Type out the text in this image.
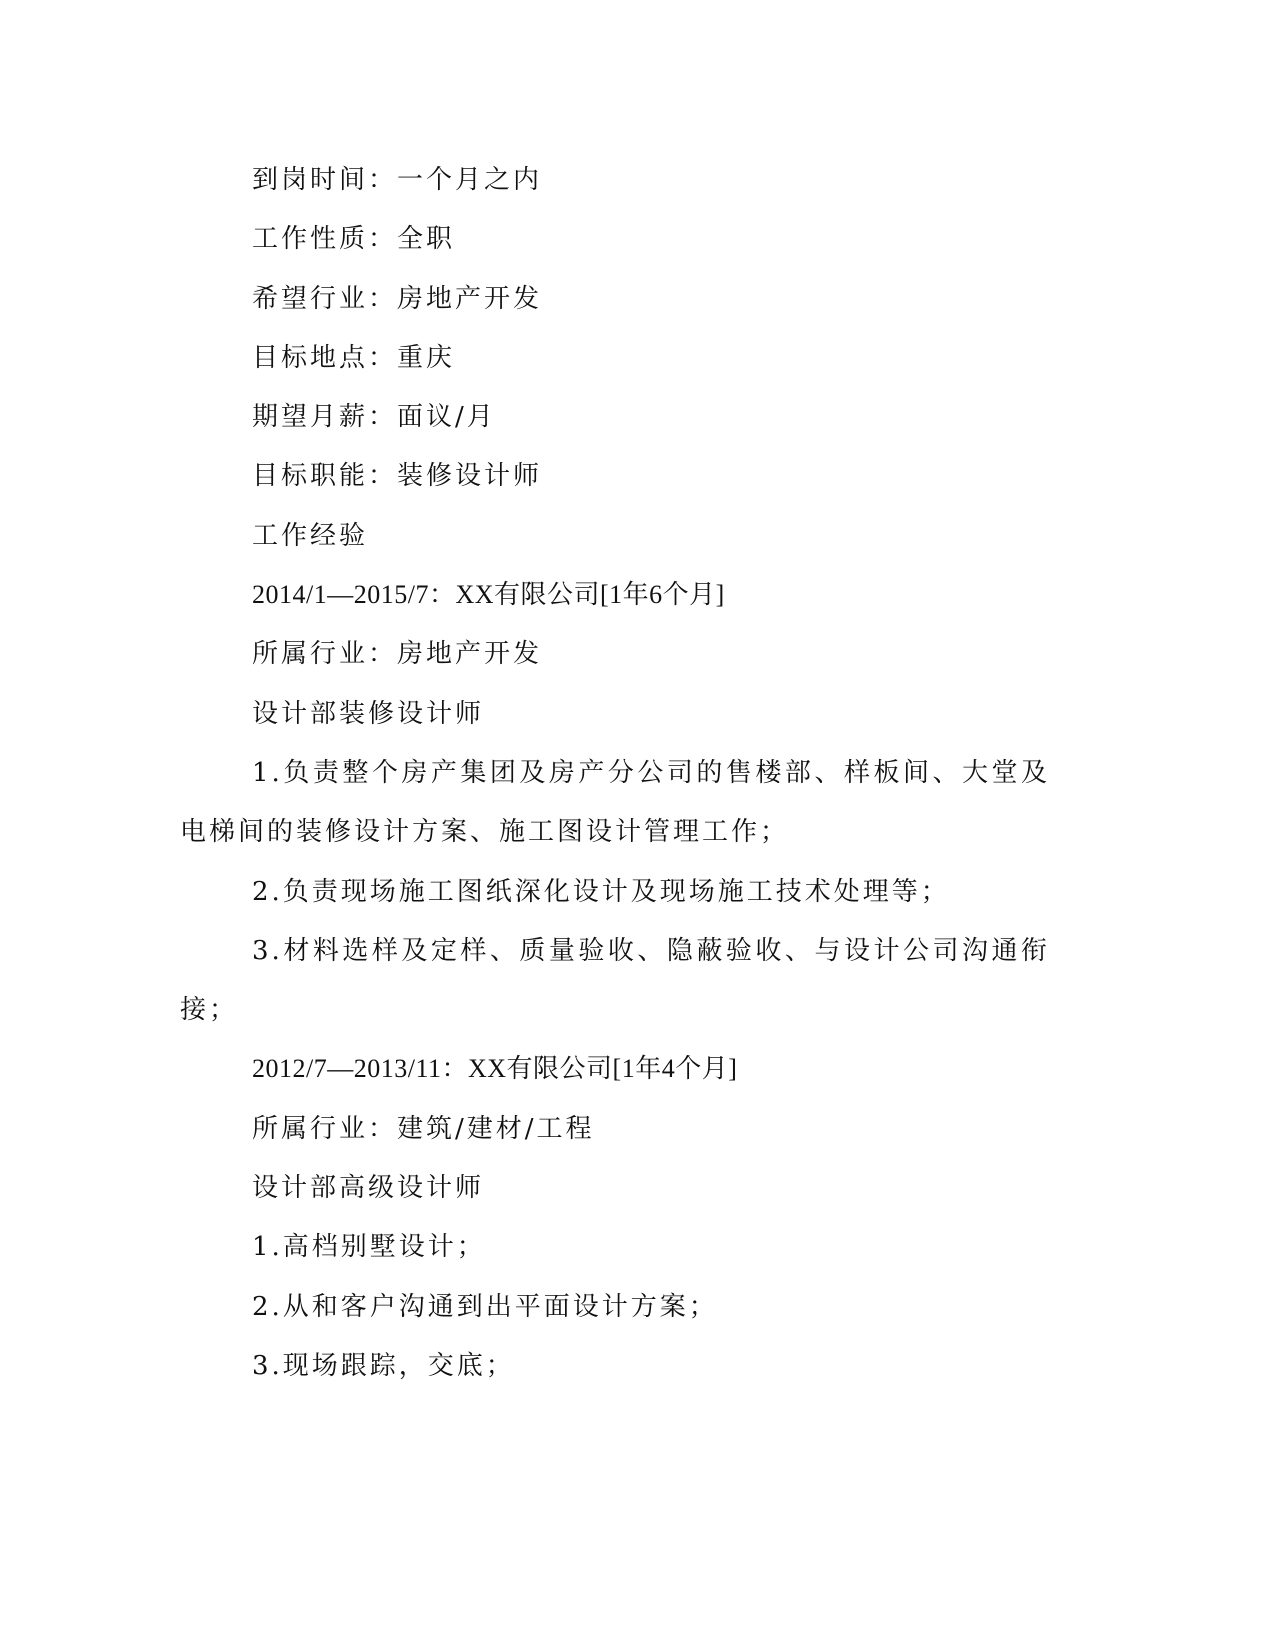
到岗时间：一个月之内
工作性质：全职
希望行业：房地产开发
目标地点：重庆
期望月薪：面议/月
目标职能：装修设计师
工作经验
2014/1—2015/7：XX有限公司[1年6个月]
所属行业：房地产开发
设计部装修设计师
1.负责整个房产集团及房产分公司的售楼部、样板间、大堂及电梯间的装修设计方案、施工图设计管理工作；
2.负责现场施工图纸深化设计及现场施工技术处理等；
3.材料选样及定样、质量验收、隐蔽验收、与设计公司沟通衔接；
2012/7—2013/11：XX有限公司[1年4个月]
所属行业：建筑/建材/工程
设计部高级设计师
1.高档别墅设计；
2.从和客户沟通到出平面设计方案；
3.现场跟踪，交底；
